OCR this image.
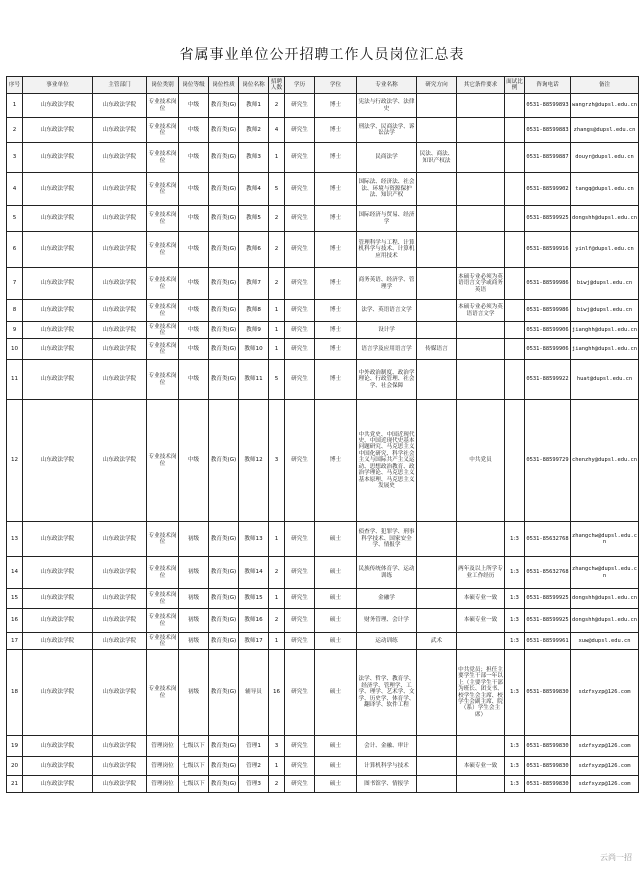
省属事业单位公开招聘工作人员岗位汇总表
序号	事业单位	主管部门	岗位类别	岗位等级	岗位性质	岗位名称	招聘人数	学历	学位	专业名称	研究方向	其它条件要求	面试比例	咨询电话	备注
1	山东政法学院	山东政法学院	专业技术岗位	中级	教育类(G)	教师1	2	研究生	博士	宪法与行政法学、法律史				0531-88599893	wangrzh@dupsl.edu.cn
2	山东政法学院	山东政法学院	专业技术岗位	中级	教育类(G)	教师2	4	研究生	博士	刑法学、民商法学、诉讼法学				0531-88599883	zhangs@dupsl.edu.cn
3	山东政法学院	山东政法学院	专业技术岗位	中级	教育类(G)	教师3	1	研究生	博士	民商法学	民法、商法、知识产权法			0531-88599887	douyr@dupsl.edu.cn
4	山东政法学院	山东政法学院	专业技术岗位	中级	教育类(G)	教师4	5	研究生	博士	国际法、经济法、社会法、环境与资源保护法、知识产权				0531-88599902	tangq@dupsl.edu.cn
5	山东政法学院	山东政法学院	专业技术岗位	中级	教育类(G)	教师5	2	研究生	博士	国际经济与贸易、经济学				0531-88599925	dongshh@dupsl.edu.cn
6	山东政法学院	山东政法学院	专业技术岗位	中级	教育类(G)	教师6	2	研究生	博士	管理科学与工程、计算机科学与技术、计算机应用技术				0531-88599916	yinlf@dupsl.edu.cn
7	山东政法学院	山东政法学院	专业技术岗位	中级	教育类(G)	教师7	2	研究生	博士	商务英语、经济学、管理学		本硕专业必须为英语语言文学或商务英语		0531-88599986	biwj@dupsl.edu.cn
8	山东政法学院	山东政法学院	专业技术岗位	中级	教育类(G)	教师8	1	研究生	博士	法学、英语语言文学		本硕专业必须为英语语言文学		0531-88599986	biwj@dupsl.edu.cn
9	山东政法学院	山东政法学院	专业技术岗位	中级	教育类(G)	教师9	1	研究生	博士	设计学				0531-88599906	jianghh@dupsl.edu.cn
10	山东政法学院	山东政法学院	专业技术岗位	中级	教育类(G)	教师10	1	研究生	博士	语言学及应用语言学	传媒语言			0531-88599906	jianghh@dupsl.edu.cn
11	山东政法学院	山东政法学院	专业技术岗位	中级	教育类(G)	教师11	5	研究生	博士	中外政治制度、政治学理论、行政管理、社会学、社会保障				0531-88599922	huat@dupsl.edu.cn
12	山东政法学院	山东政法学院	专业技术岗位	中级	教育类(G)	教师12	3	研究生	博士	中共党史、中国近现代史、中国近现代史基本问题研究、马克思主义中国化研究、科学社会主义与国际共产主义运动、思想政治教育、政治学理论、马克思主义基本原理、马克思主义发展史		中共党员		0531-88599729	chenzhy@dupsl.edu.cn
13	山东政法学院	山东政法学院	专业技术岗位	初级	教育类(G)	教师13	1	研究生	硕士	侦查学、犯罪学、刑事科学技术、国家安全学、情报学			1:3	0531-85632768	zhangchw@dupsl.edu.cn
14	山东政法学院	山东政法学院	专业技术岗位	初级	教育类(G)	教师14	2	研究生	硕士	民族传统体育学、运动训练		两年及以上所学专业工作经历	1:3	0531-85632768	zhangchw@dupsl.edu.cn
15	山东政法学院	山东政法学院	专业技术岗位	初级	教育类(G)	教师15	1	研究生	硕士	金融学		本硕专业一致	1:3	0531-88599925	dongshh@dupsl.edu.cn
16	山东政法学院	山东政法学院	专业技术岗位	初级	教育类(G)	教师16	2	研究生	硕士	财务管理、会计学		本硕专业一致	1:3	0531-88599925	dongshh@dupsl.edu.cn
17	山东政法学院	山东政法学院	专业技术岗位	初级	教育类(G)	教师17	1	研究生	硕士	运动训练	武术		1:3	0531-88599961	xuw@dupsl.edu.cn
18	山东政法学院	山东政法学院	专业技术岗位	初级	教育类(G)	辅导员	16	研究生	硕士	法学、哲学、教育学、经济学、管理学、工学、理学、艺术学、文学、历史学、体育学、翻译学、软件工程		中共党员；担任主要学生干部一年以上（主要学生干部为班长、团支书、校学生会主席、校学生会副主席、院（系）学生会主席）	1:3	0531-88599830	sdzfxyzp@126.com
19	山东政法学院	山东政法学院	管理岗位	七级以下	教育类(G)	管理1	3	研究生	硕士	会计、金融、审计			1:3	0531-88599830	sdzfxyzp@126.com
20	山东政法学院	山东政法学院	管理岗位	七级以下	教育类(G)	管理2	1	研究生	硕士	计算机科学与技术		本硕专业一致	1:3	0531-88599830	sdzfxyzp@126.com
21	山东政法学院	山东政法学院	管理岗位	七级以下	教育类(G)	管理3	2	研究生	硕士	图书馆学、情报学			1:3	0531-88599830	sdzfxyzp@126.com
云尚一招
